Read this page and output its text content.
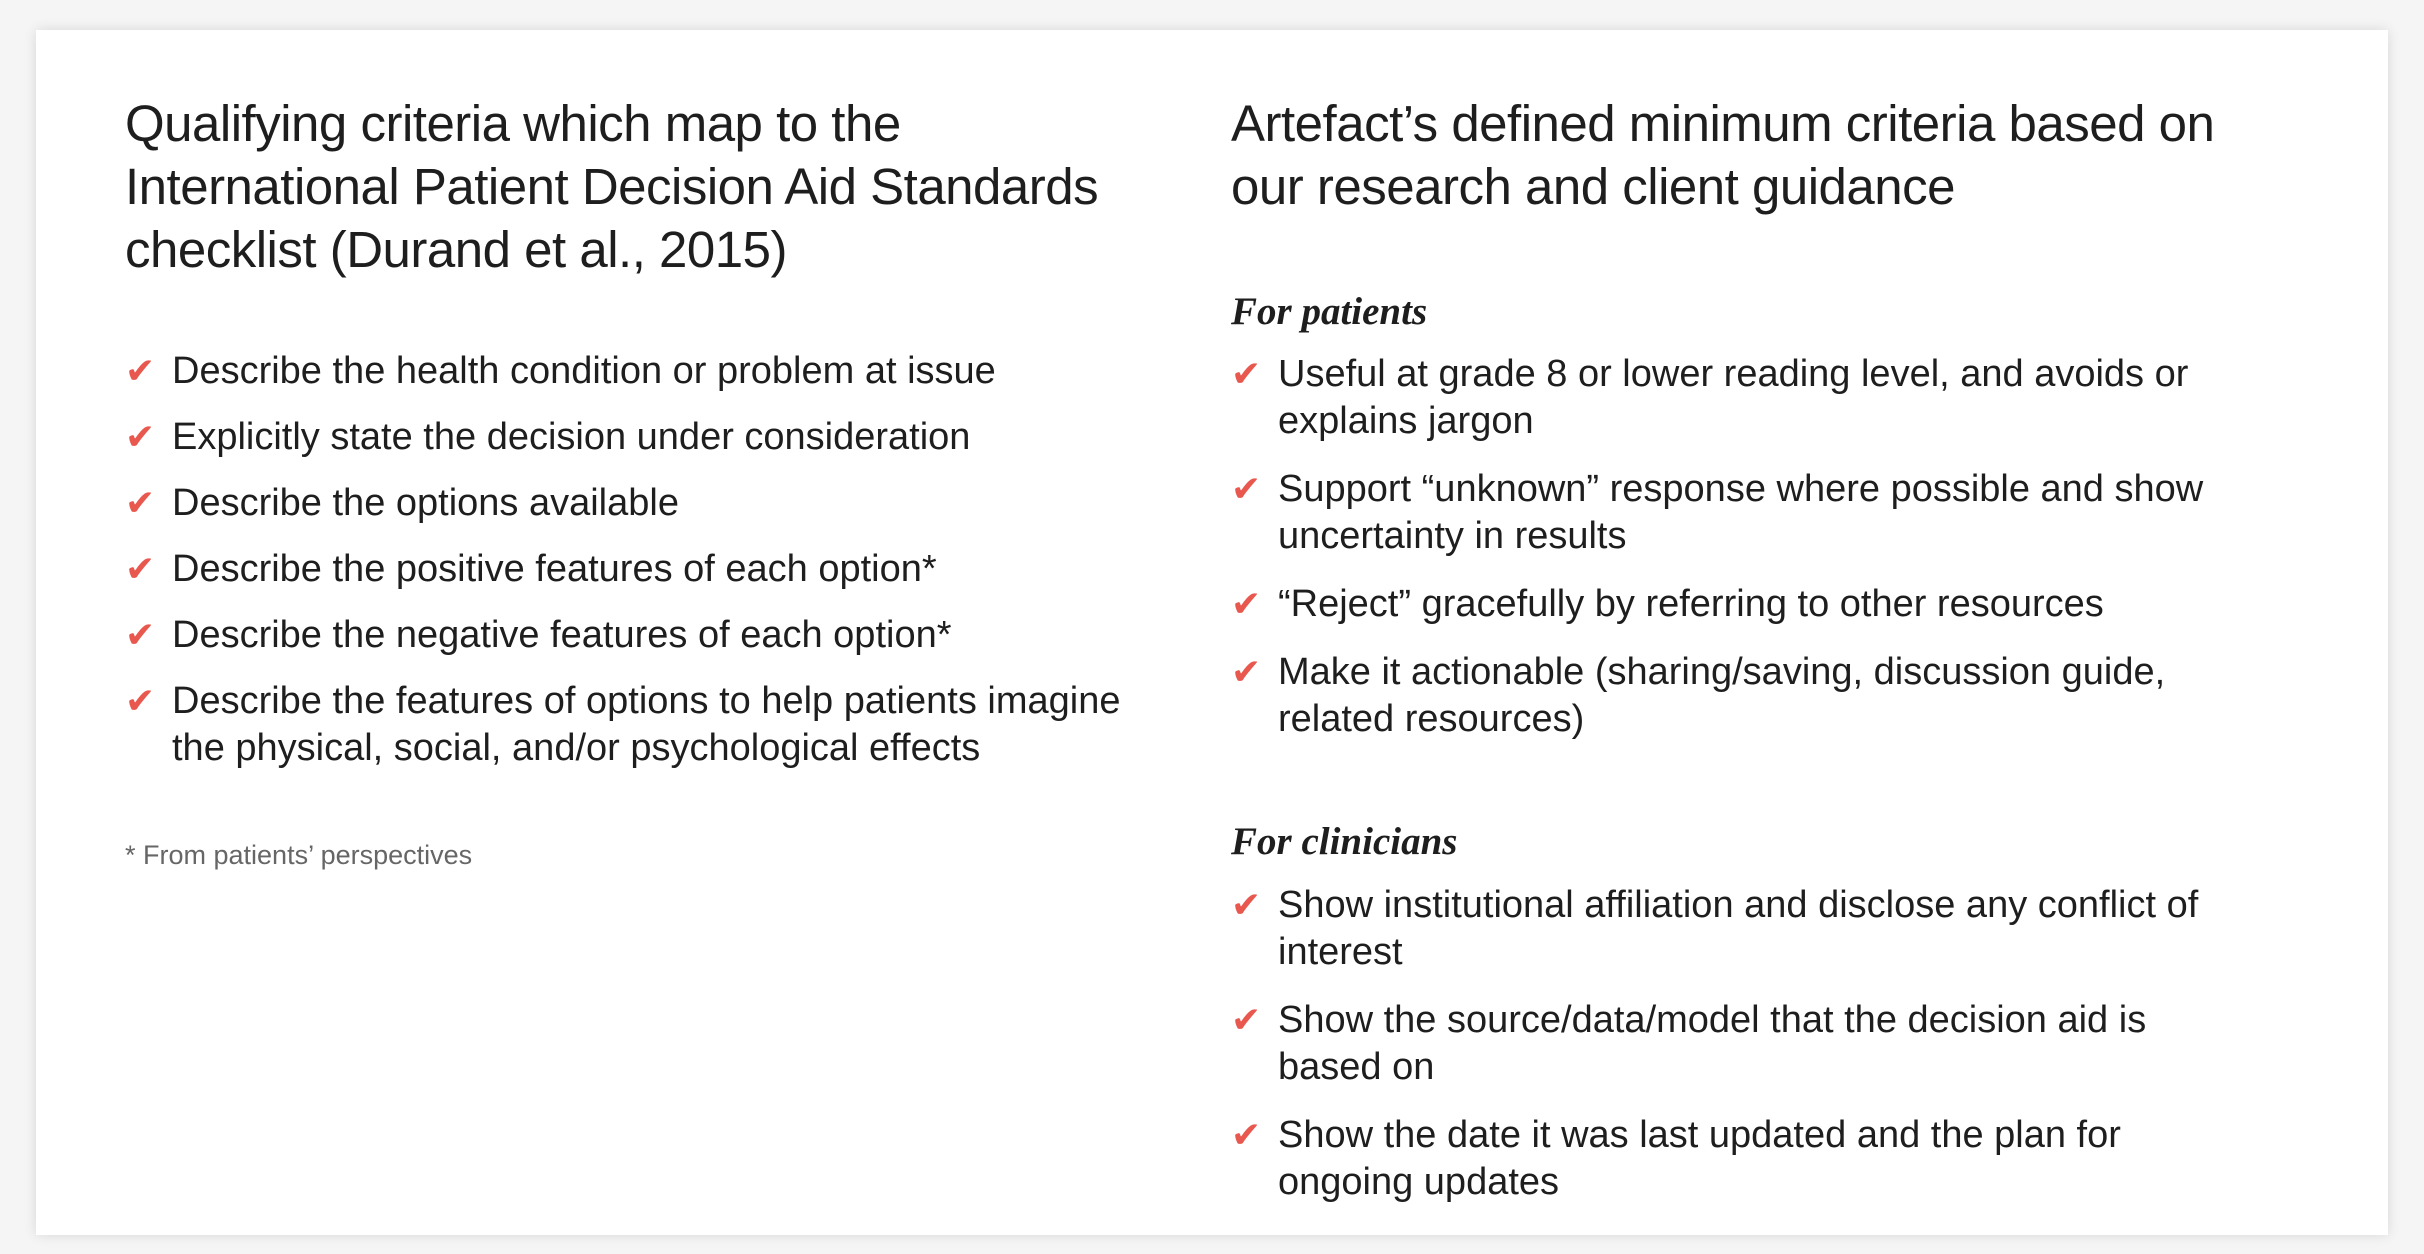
Qualifying criteria which map to the
International Patient Decision Aid Standards
checklist (Durand et al., 2015)
✔ Describe the health condition or problem at issue
✔ Explicitly state the decision under consideration
✔ Describe the options available
✔ Describe the positive features of each option*
✔ Describe the negative features of each option*
✔ Describe the features of options to help patients imagine
the physical, social, and/or psychological effects

* From patients’ perspectives

Artefact’s defined minimum criteria based on
our research and client guidance
For patients
✔ Useful at grade 8 or lower reading level, and avoids or
explains jargon
✔ Support “unknown” response where possible and show
uncertainty in results
✔ “Reject” gracefully by referring to other resources
✔ Make it actionable (sharing/saving, discussion guide,
related resources)
For clinicians
✔ Show institutional affiliation and disclose any conflict of
interest
✔ Show the source/data/model that the decision aid is
based on
✔ Show the date it was last updated and the plan for
ongoing updates
